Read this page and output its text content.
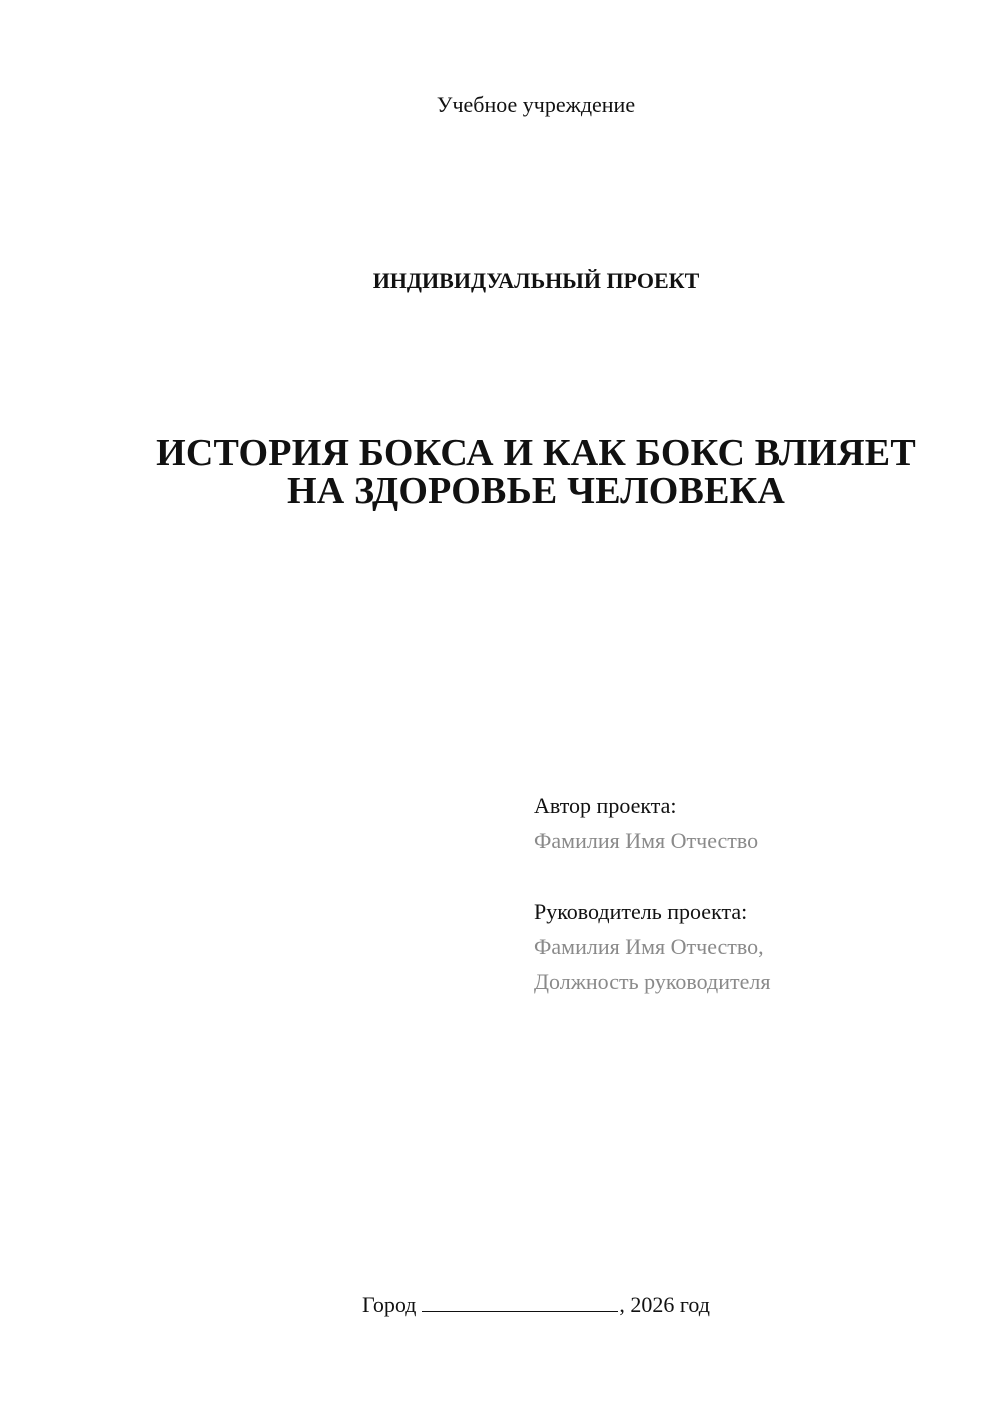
Учебное учреждение
ИНДИВИДУАЛЬНЫЙ ПРОЕКТ
ИСТОРИЯ БОКСА И КАК БОКС ВЛИЯЕТ
НА ЗДОРОВЬЕ ЧЕЛОВЕКА
Автор проекта:
Фамилия Имя Отчество
Руководитель проекта:
Фамилия Имя Отчество,
Должность руководителя
Город	, 2026 год
